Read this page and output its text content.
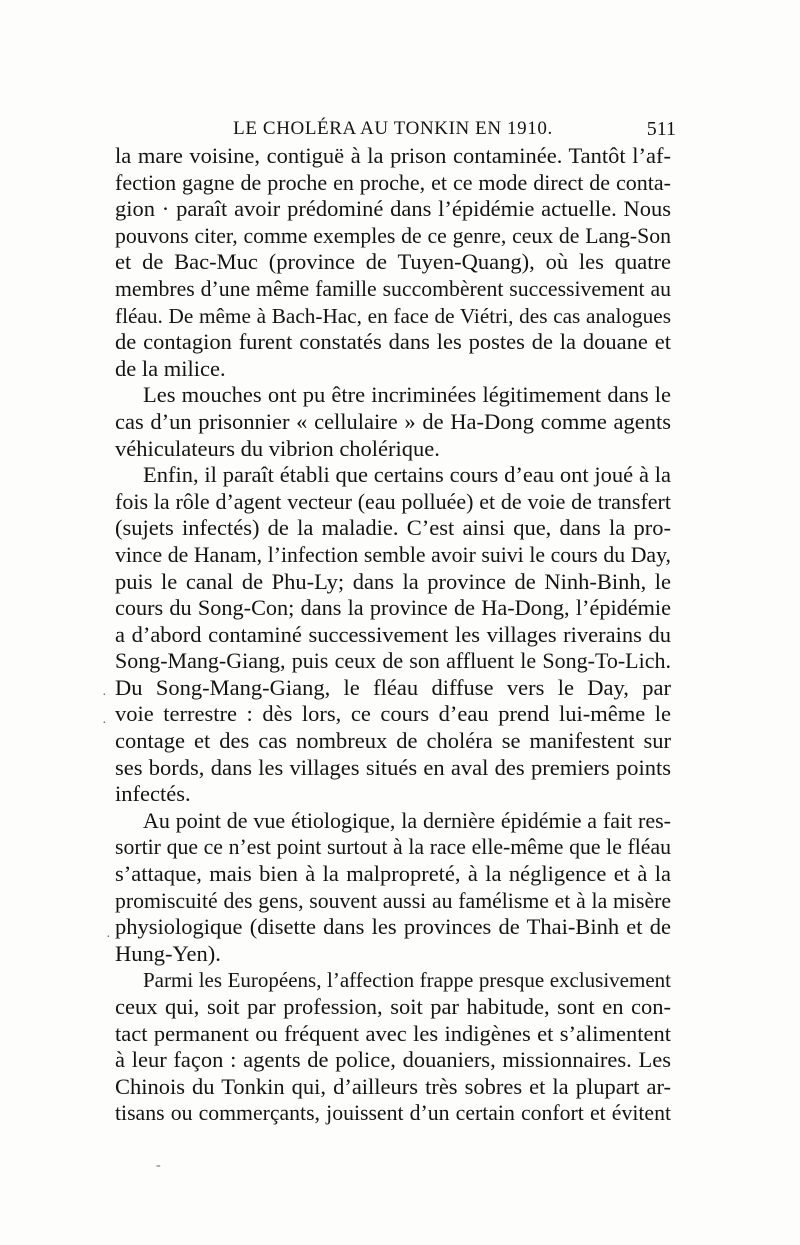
LE CHOLÉRA AU TONKIN EN 1910.	511
la mare voisine, contiguë à la prison contaminée. Tantôt l’af-
fection gagne de proche en proche, et ce mode direct de conta-
gion · paraît avoir prédominé dans l’épidémie actuelle. Nous
pouvons citer, comme exemples de ce genre, ceux de Lang-Son
et de Bac-Muc (province de Tuyen-Quang), où les quatre
membres d’une même famille succombèrent successivement au
fléau. De même à Bach-Hac, en face de Viétri, des cas analogues
de contagion furent constatés dans les postes de la douane et
de la milice.
Les mouches ont pu être incriminées légitimement dans le
cas d’un prisonnier « cellulaire » de Ha-Dong comme agents
véhiculateurs du vibrion cholérique.
Enfin, il paraît établi que certains cours d’eau ont joué à la
fois la rôle d’agent vecteur (eau polluée) et de voie de transfert
(sujets infectés) de la maladie. C’est ainsi que, dans la pro-
vince de Hanam, l’infection semble avoir suivi le cours du Day,
puis le canal de Phu-Ly; dans la province de Ninh-Binh, le
cours du Song-Con; dans la province de Ha-Dong, l’épidémie
a d’abord contaminé successivement les villages riverains du
Song-Mang-Giang, puis ceux de son affluent le Song-To-Lich.
Du Song-Mang-Giang, le fléau diffuse vers le Day, par
voie terrestre : dès lors, ce cours d’eau prend lui-même le
contage et des cas nombreux de choléra se manifestent sur
ses bords, dans les villages situés en aval des premiers points
infectés.
Au point de vue étiologique, la dernière épidémie a fait res-
sortir que ce n’est point surtout à la race elle-même que le fléau
s’attaque, mais bien à la malpropreté, à la négligence et à la
promiscuité des gens, souvent aussi au famélisme et à la misère
physiologique (disette dans les provinces de Thai-Binh et de
Hung-Yen).
Parmi les Européens, l’affection frappe presque exclusivement
ceux qui, soit par profession, soit par habitude, sont en con-
tact permanent ou fréquent avec les indigènes et s’alimentent
à leur façon : agents de police, douaniers, missionnaires. Les
Chinois du Tonkin qui, d’ailleurs très sobres et la plupart ar-
tisans ou commerçants, jouissent d’un certain confort et évitent
·
·
·
-
